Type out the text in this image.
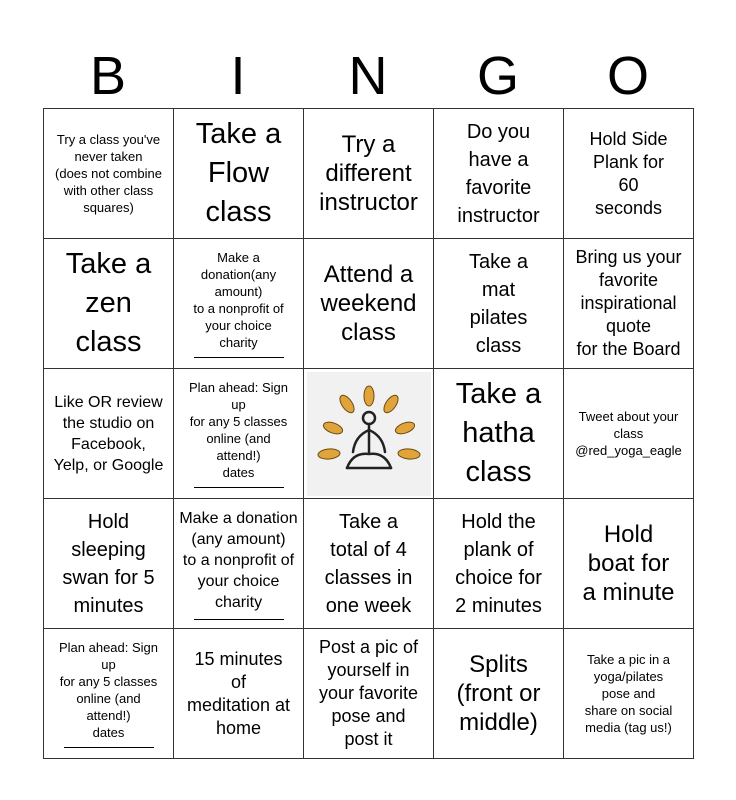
B	I	N	G	O
Try a class you've
never taken
(does not combine
with other class
squares)
Take a
Flow
class
Try a
different
instructor
Do you
have a
favorite
instructor
Hold Side
Plank for
60
seconds
Take a
zen
class
Make a
donation(any
amount)
to a nonprofit of
your choice
charity
Attend a
weekend
class
Take a
mat
pilates
class
Bring us your
favorite
inspirational
quote
for the Board
Like OR review
the studio on
Facebook,
Yelp, or Google
Plan ahead: Sign
up
for any 5 classes
online (and
attend!)
dates
Take a
hatha
class
Tweet about your
class
@red_yoga_eagle
Hold
sleeping
swan for 5
minutes
Make a donation
(any amount)
to a nonprofit of
your choice
charity
Take a
total of 4
classes in
one week
Hold the
plank of
choice for
2 minutes
Hold
boat for
a minute
Plan ahead: Sign
up
for any 5 classes
online (and
attend!)
dates
15 minutes
of
meditation at
home
Post a pic of
yourself in
your favorite
pose and
post it
Splits
(front or
middle)
Take a pic in a
yoga/pilates
pose and
share on social
media (tag us!)
